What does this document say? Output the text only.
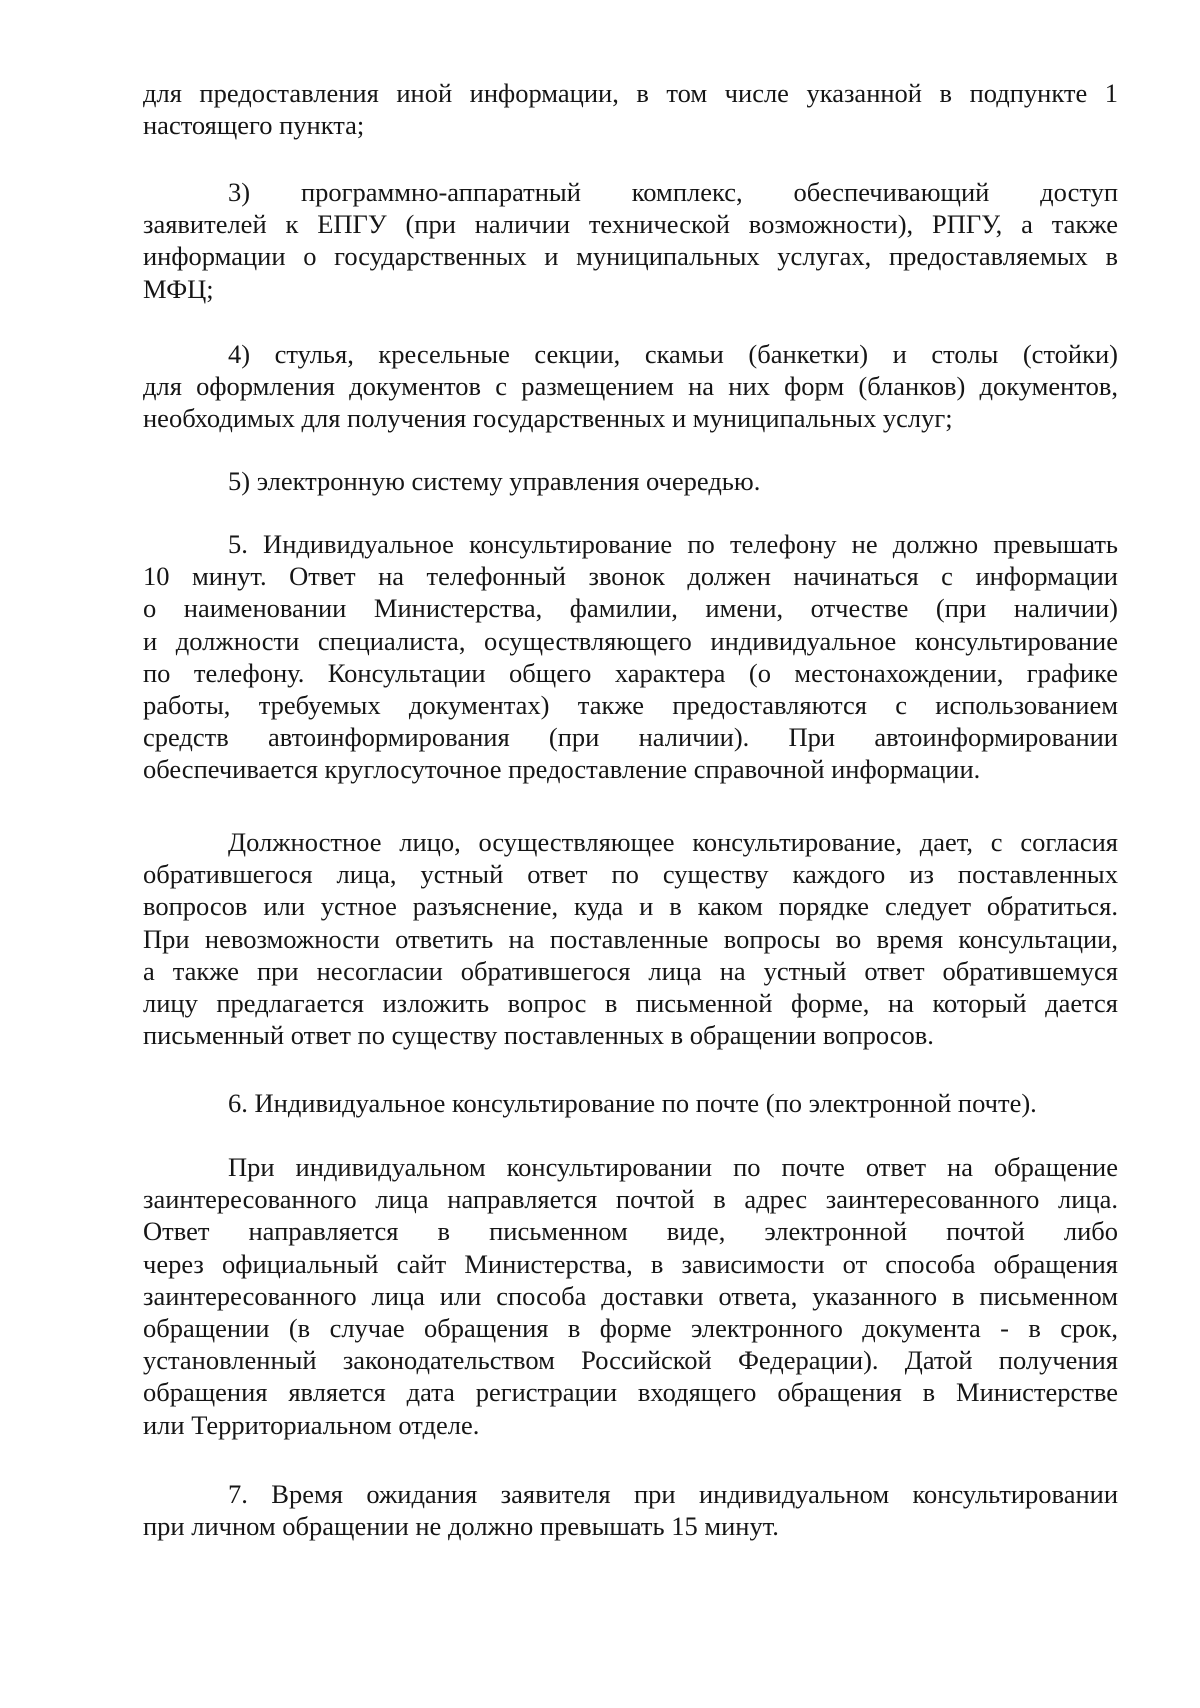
для предоставления иной информации, в том числе указанной в подпункте 1
настоящего пункта;
3) программно-аппаратный комплекс, обеспечивающий доступ
заявителей к ЕПГУ (при наличии технической возможности), РПГУ, а также
информации о государственных и муниципальных услугах, предоставляемых в
МФЦ;
4) стулья, кресельные секции, скамьи (банкетки) и столы (стойки)
для оформления документов с размещением на них форм (бланков) документов,
необходимых для получения государственных и муниципальных услуг;
5) электронную систему управления очередью.
5. Индивидуальное консультирование по телефону не должно превышать
10 минут. Ответ на телефонный звонок должен начинаться с информации
о наименовании Министерства, фамилии, имени, отчестве (при наличии)
и должности специалиста, осуществляющего индивидуальное консультирование
по телефону. Консультации общего характера (о местонахождении, графике
работы, требуемых документах) также предоставляются с использованием
средств автоинформирования (при наличии). При автоинформировании
обеспечивается круглосуточное предоставление справочной информации.
Должностное лицо, осуществляющее консультирование, дает, с согласия
обратившегося лица, устный ответ по существу каждого из поставленных
вопросов или устное разъяснение, куда и в каком порядке следует обратиться.
При невозможности ответить на поставленные вопросы во время консультации,
а также при несогласии обратившегося лица на устный ответ обратившемуся
лицу предлагается изложить вопрос в письменной форме, на который дается
письменный ответ по существу поставленных в обращении вопросов.
6. Индивидуальное консультирование по почте (по электронной почте).
При индивидуальном консультировании по почте ответ на обращение
заинтересованного лица направляется почтой в адрес заинтересованного лица.
Ответ направляется в письменном виде, электронной почтой либо
через официальный сайт Министерства, в зависимости от способа обращения
заинтересованного лица или способа доставки ответа, указанного в письменном
обращении (в случае обращения в форме электронного документа - в срок,
установленный законодательством Российской Федерации). Датой получения
обращения является дата регистрации входящего обращения в Министерстве
или Территориальном отделе.
7. Время ожидания заявителя при индивидуальном консультировании
при личном обращении не должно превышать 15 минут.
